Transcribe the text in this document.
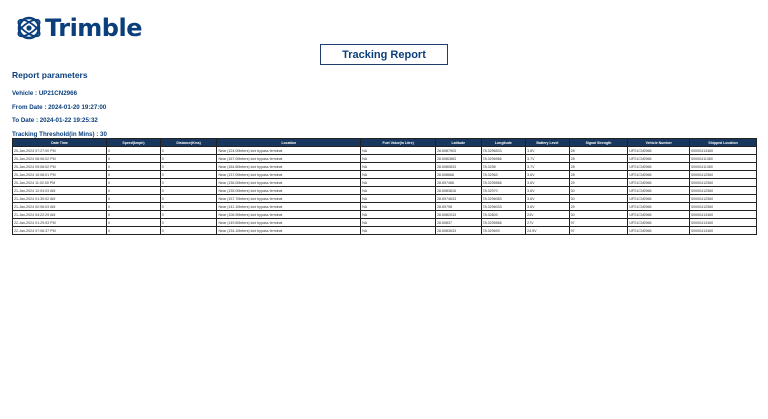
Trimble
Tracking Report
Report parameters
Vehicle : UP21CN2966
From Date : 2024-01-20 19:27:00
To Date : 2024-01-22 19:25:32
Tracking Threshold(in Mins) : 30
Date Time	Speed(kmph)	Distance(Kms)	Location	Fuel Value(in Litre)	Latitude	Longitude	Battery Level	Signal Strength	Vehicle Number	Shipped Location
20-Jan-2024 07:27:00 PM	0	0	Near (124.0Meters) loni bypass terminal	NA	28.6987903	78.3296533	3.8V	28	UP21CN2966	00000413460
20-Jan-2024 08:06:02 PM	0	0	Near (167.0Meters) loni bypass terminal	NA	28.6982883	78.3296966	3.7V	28	UP21CN2966	00000411360
20-Jan-2024 09:08:02 PM	0	0	Near (164.6Meters) loni bypass terminal	NA	28.6980833	78.3298	3.7V	28	UP21CN2966	00000411360
20-Jan-2024 10:08:01 PM	0	0	Near (137.0Meters) loni bypass terminal	NA	28.698668	78.32963	3.6V	28	UP21CN2966	00000412560
20-Jan-2024 11:02:00 PM	0	0	Near (136.0Meters) loni bypass terminal	NA	28.697466	78.3295566	3.6V	29	UP21CN2966	00000412560
21-Jan-2024 12:04:03 AM	0	0	Near (135.0Meters) loni bypass terminal	NA	28.6983816	78.32970	3.6V	30	UP21CN2966	00000412560
21-Jan-2024 01:30:02 AM	0	0	Near (157.7Meters) loni bypass terminal	NA	28.6974633	78.3296083	3.6V	30	UP21CN2966	00000412560
21-Jan-2024 02:06:03 AM	0	0	Near (141.1Meters) loni bypass terminal	NA	28.69798	78.3296033	3.6V	29	UP21CN2966	00000412560
21-Jan-2024 04:22:29 AM	0	0	Near (106.9Meters) loni bypass terminal	NA	28.6982033	78.32803	23V	30	UP21CN2966	00000413460
22-Jan-2024 01:29:53 PM	0	0	Near (149.6Meters) loni bypass terminal	NA	28.69837	78.3295566	27V	97	UP21CN2966	00000413460
22-Jan-2024 07:06:37 PM	0	0	Near (134.1Meters) loni bypass terminal	NA	28.6983633	78.329693	24.9V	97	UP21CN2966	00000413460
